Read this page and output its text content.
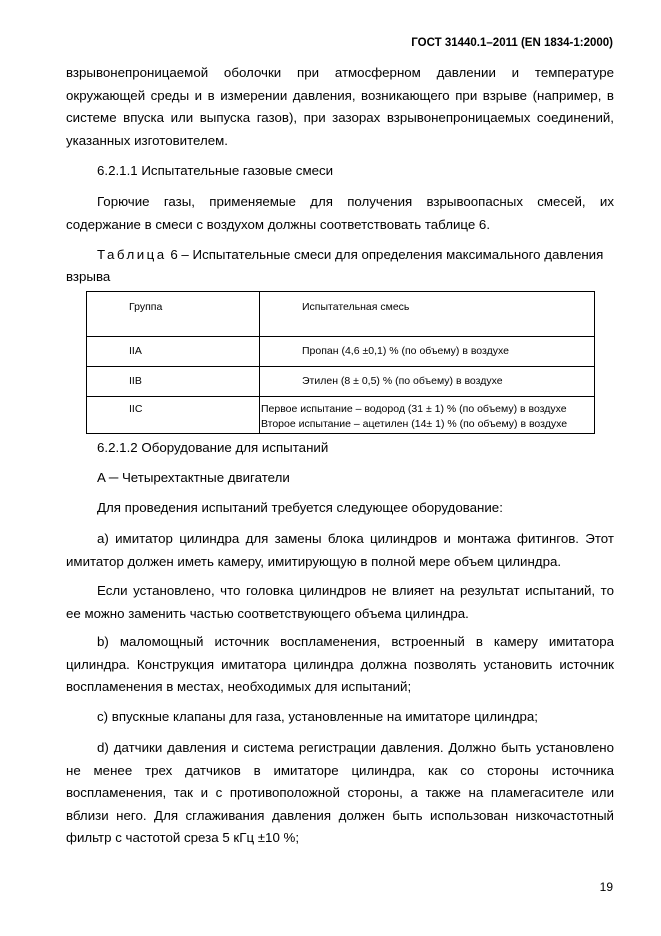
ГОСТ 31440.1–2011 (EN 1834-1:2000)

взрывонепроницаемой оболочки при атмосферном давлении и температуре окружающей среды и в измерении давления, возникающего при взрыве (например, в системе впуска или выпуска газов), при зазорах взрывонепроницаемых соединений, указанных изготовителем.

6.2.1.1 Испытательные газовые смеси

Горючие газы, применяемые для получения взрывоопасных смесей, их содержание в смеси с воздухом должны соответствовать таблице 6.

Таблица 6 – Испытательные смеси для определения максимального давления взрыва
Группа	Испытательная смесь
IIA	Пропан (4,6 ±0,1) % (по объему) в воздухе
IIB	Этилен (8 ± 0,5) % (по объему) в воздухе
IIC	Первое испытание – водород (31 ± 1) % (по объему) в воздухе
Второе испытание – ацетилен (14± 1) % (по объему) в воздухе

6.2.1.2 Оборудование для испытаний

A ─ Четырехтактные двигатели

Для проведения испытаний требуется следующее оборудование:

а) имитатор цилиндра для замены блока цилиндров и монтажа фитингов. Этот имитатор должен иметь камеру, имитирующую в полной мере объем цилиндра.

Если установлено, что головка цилиндров не влияет на результат испытаний, то ее можно заменить частью соответствующего объема цилиндра.

b) маломощный источник воспламенения, встроенный в камеру имитатора цилиндра. Конструкция имитатора цилиндра должна позволять установить источник воспламенения в местах, необходимых для испытаний;

c) впускные клапаны для газа, установленные на имитаторе цилиндра;

d) датчики давления и система регистрации давления. Должно быть установлено не менее трех датчиков в имитаторе цилиндра, как со стороны источника воспламенения, так и с противоположной стороны, а также на пламегасителе или вблизи него. Для сглаживания давления должен быть использован низкочастотный фильтр с частотой среза 5 кГц ±10 %;

19
